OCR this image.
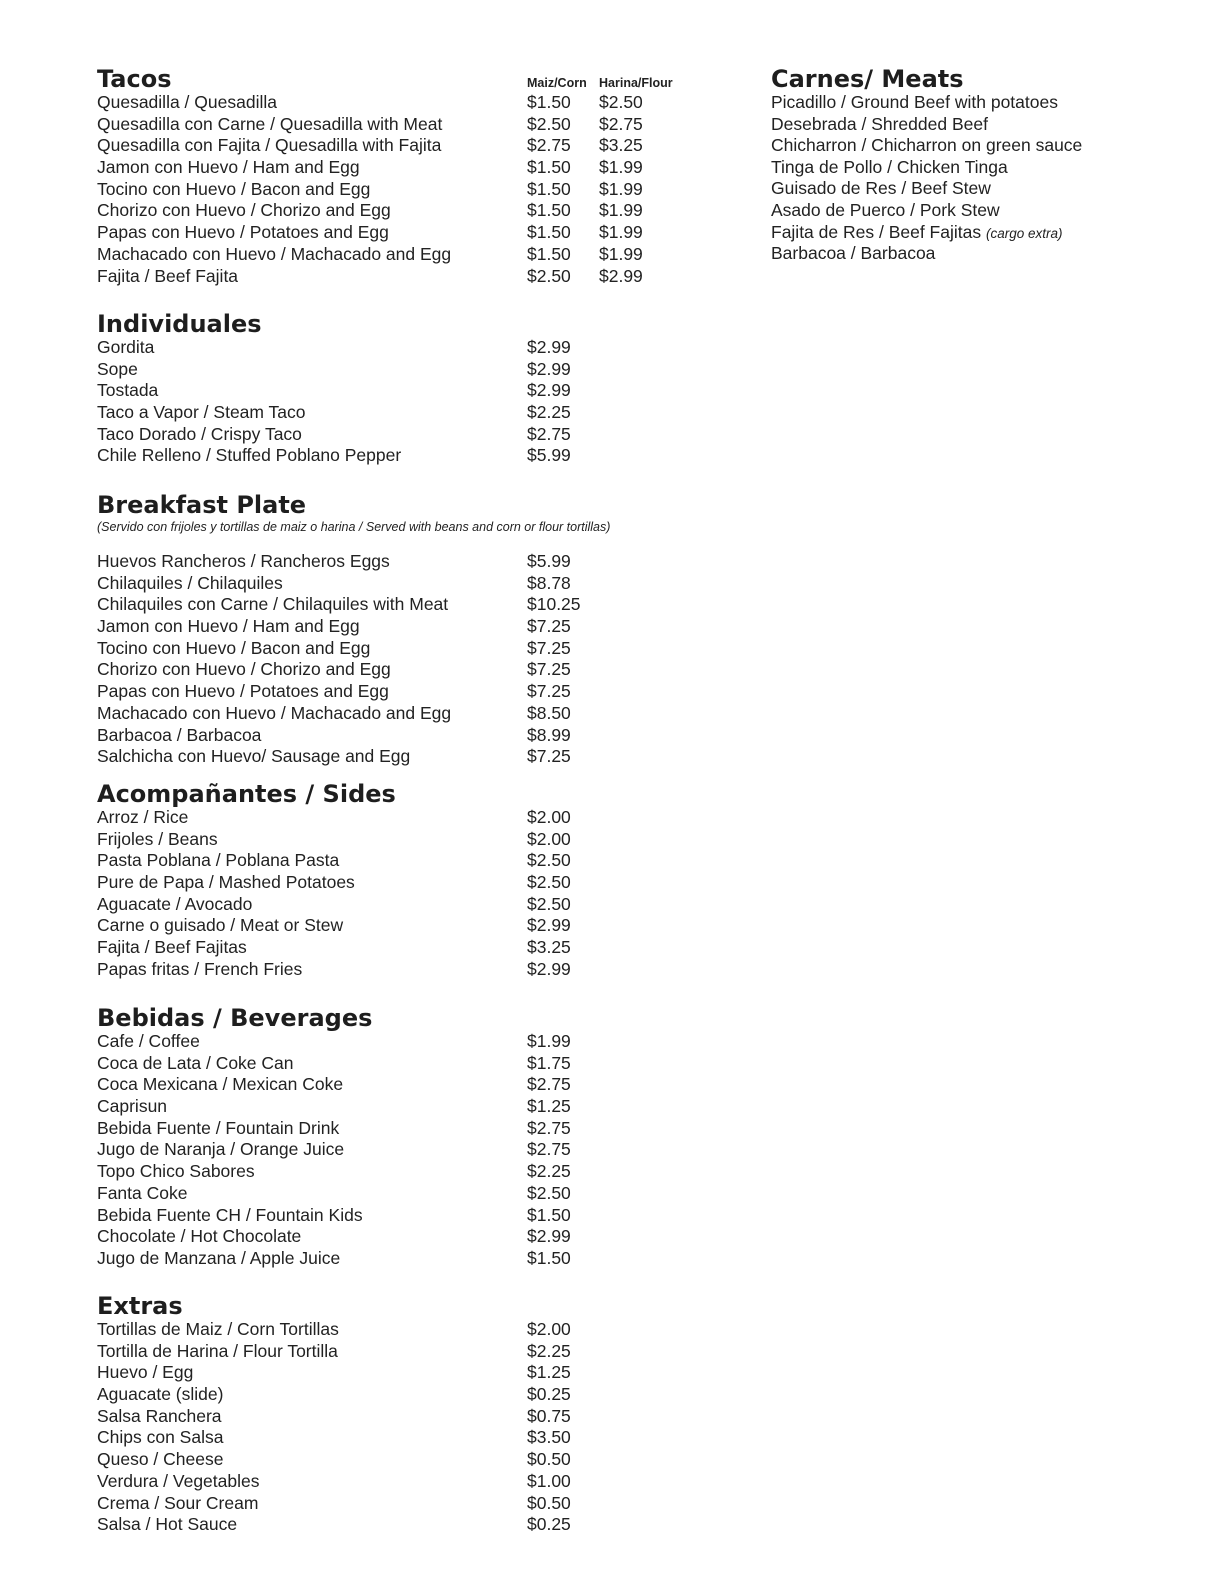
Tacos	Maiz/Corn Harina/Flour
Quesadilla / Quesadilla	$1.50 $2.50
Quesadilla con Carne / Quesadilla with Meat	$2.50 $2.75
Quesadilla con Fajita / Quesadilla with Fajita	$2.75 $3.25
Jamon con Huevo / Ham and Egg	$1.50 $1.99
Tocino con Huevo / Bacon and Egg	$1.50 $1.99
Chorizo con Huevo / Chorizo and Egg	$1.50 $1.99
Papas con Huevo / Potatoes and Egg	$1.50 $1.99
Machacado con Huevo / Machacado and Egg	$1.50 $1.99
Fajita / Beef Fajita	$2.50 $2.99
Individuales
Gordita	$2.99
Sope	$2.99
Tostada	$2.99
Taco a Vapor / Steam Taco	$2.25
Taco Dorado / Crispy Taco	$2.75
Chile Relleno / Stuffed Poblano Pepper	$5.99
Breakfast Plate
(Servido con frijoles y tortillas de maiz o harina / Served with beans and corn or flour tortillas)
Huevos Rancheros / Rancheros Eggs	$5.99
Chilaquiles / Chilaquiles	$8.78
Chilaquiles con Carne / Chilaquiles with Meat	$10.25
Jamon con Huevo / Ham and Egg	$7.25
Tocino con Huevo / Bacon and Egg	$7.25
Chorizo con Huevo / Chorizo and Egg	$7.25
Papas con Huevo / Potatoes and Egg	$7.25
Machacado con Huevo / Machacado and Egg	$8.50
Barbacoa / Barbacoa	$8.99
Salchicha con Huevo/ Sausage and Egg	$7.25
Acompañantes / Sides
Arroz / Rice	$2.00
Frijoles / Beans	$2.00
Pasta Poblana / Poblana Pasta	$2.50
Pure de Papa / Mashed Potatoes	$2.50
Aguacate / Avocado	$2.50
Carne o guisado / Meat or Stew	$2.99
Fajita / Beef Fajitas	$3.25
Papas fritas / French Fries	$2.99
Bebidas / Beverages
Cafe / Coffee	$1.99
Coca de Lata / Coke Can	$1.75
Coca Mexicana / Mexican Coke	$2.75
Caprisun	$1.25
Bebida Fuente / Fountain Drink	$2.75
Jugo de Naranja / Orange Juice	$2.75
Topo Chico Sabores	$2.25
Fanta Coke	$2.50
Bebida Fuente CH / Fountain Kids	$1.50
Chocolate / Hot Chocolate	$2.99
Jugo de Manzana / Apple Juice	$1.50
Extras
Tortillas de Maiz / Corn Tortillas	$2.00
Tortilla de Harina / Flour Tortilla	$2.25
Huevo / Egg	$1.25
Aguacate (slide)	$0.25
Salsa Ranchera	$0.75
Chips con Salsa	$3.50
Queso / Cheese	$0.50
Verdura / Vegetables	$1.00
Crema / Sour Cream	$0.50
Salsa / Hot Sauce	$0.25
Carnes/ Meats
Picadillo / Ground Beef with potatoes
Desebrada / Shredded Beef
Chicharron / Chicharron on green sauce
Tinga de Pollo / Chicken Tinga
Guisado de Res / Beef Stew
Asado de Puerco / Pork Stew
Fajita de Res / Beef Fajitas (cargo extra)
Barbacoa / Barbacoa
